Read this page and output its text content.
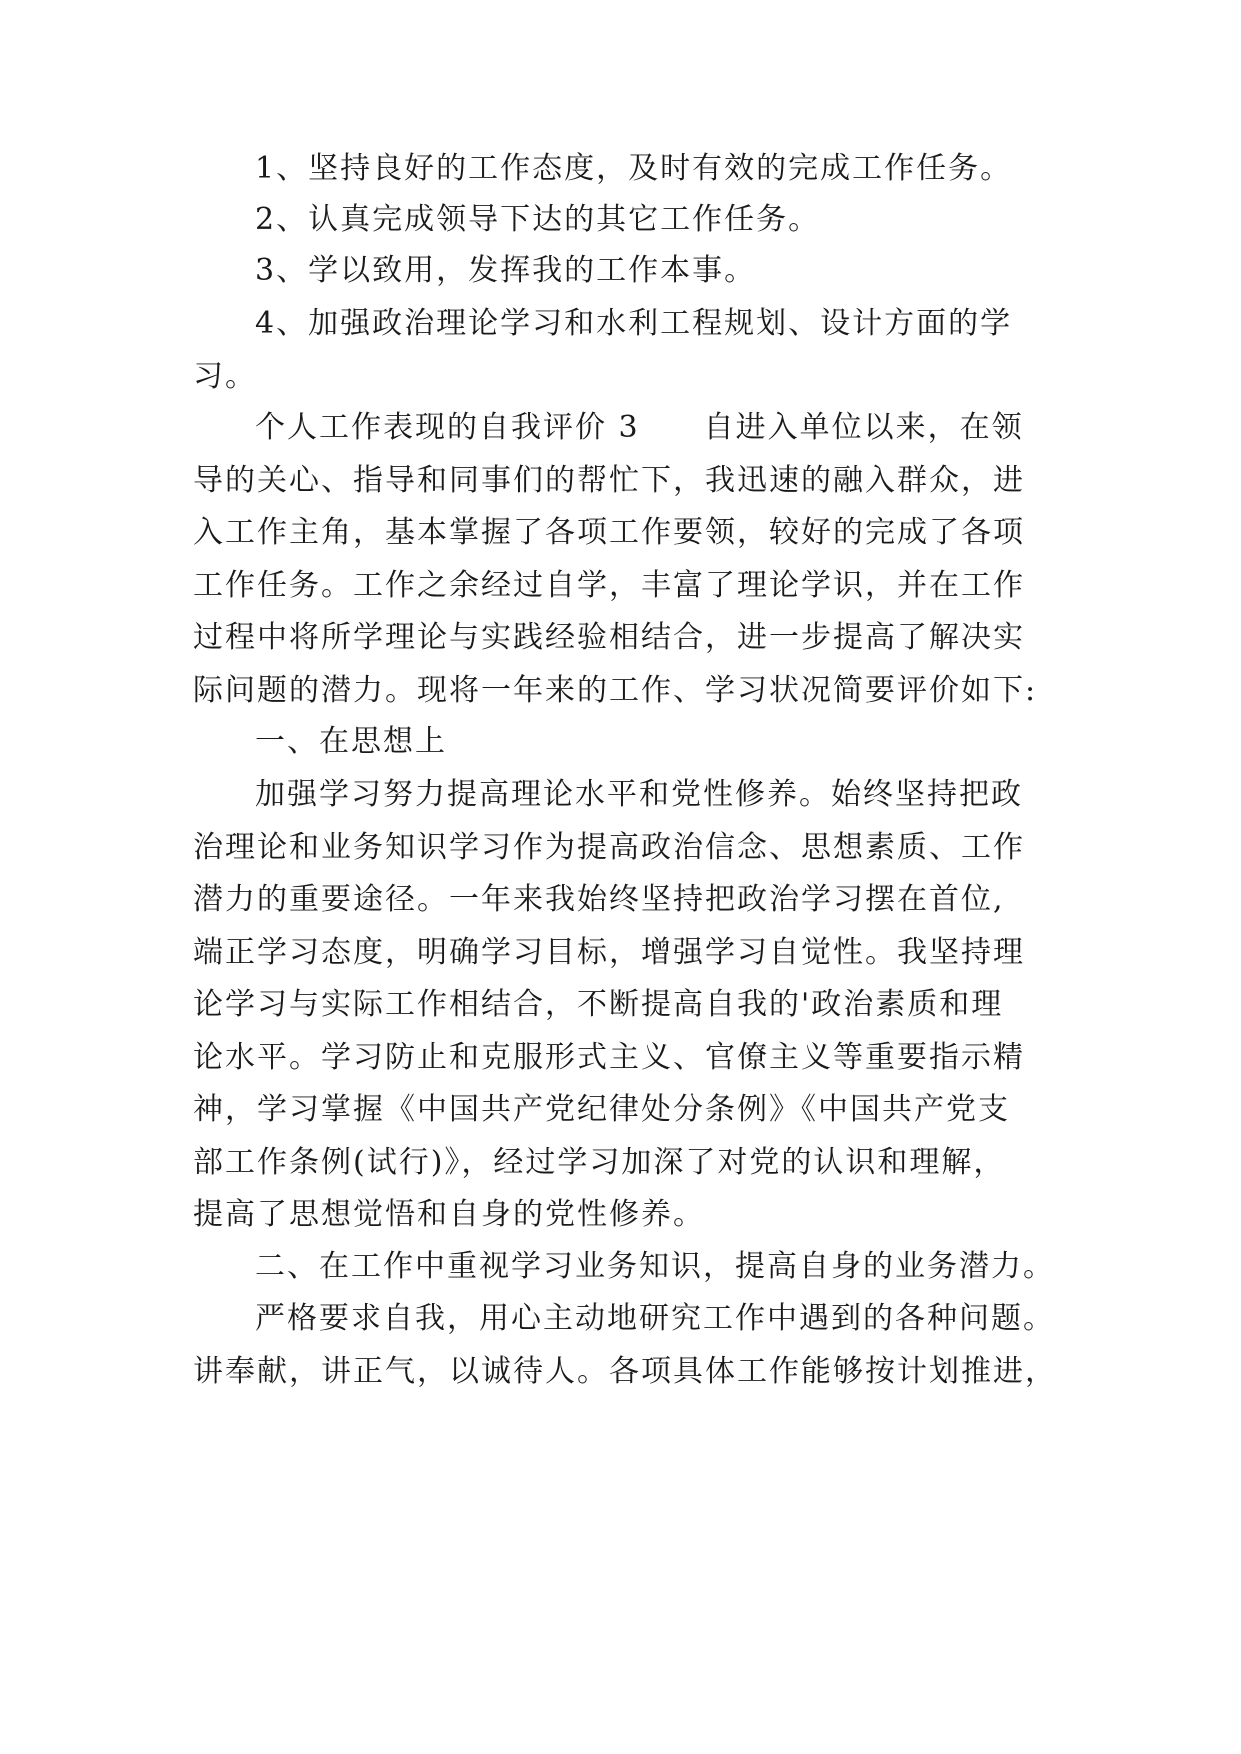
1、坚持良好的工作态度，及时有效的完成工作任务。
2、认真完成领导下达的其它工作任务。
3、学以致用，发挥我的工作本事。
4、加强政治理论学习和水利工程规划、设计方面的学
习。
个人工作表现的自我评价 3　　自进入单位以来，在领
导的关心、指导和同事们的帮忙下，我迅速的融入群众，进
入工作主角，基本掌握了各项工作要领，较好的完成了各项
工作任务。工作之余经过自学，丰富了理论学识，并在工作
过程中将所学理论与实践经验相结合，进一步提高了解决实
际问题的潜力。现将一年来的工作、学习状况简要评价如下:
一、在思想上
加强学习努力提高理论水平和党性修养。始终坚持把政
治理论和业务知识学习作为提高政治信念、思想素质、工作
潜力的重要途径。一年来我始终坚持把政治学习摆在首位,
端正学习态度，明确学习目标，增强学习自觉性。我坚持理
论学习与实际工作相结合，不断提高自我的'政治素质和理
论水平。学习防止和克服形式主义、官僚主义等重要指示精
神，学习掌握《中国共产党纪律处分条例》《中国共产党支
部工作条例(试行)》，经过学习加深了对党的认识和理解，
提高了思想觉悟和自身的党性修养。
二、在工作中重视学习业务知识，提高自身的业务潜力。
严格要求自我，用心主动地研究工作中遇到的各种问题。
讲奉献，讲正气，以诚待人。各项具体工作能够按计划推进，
